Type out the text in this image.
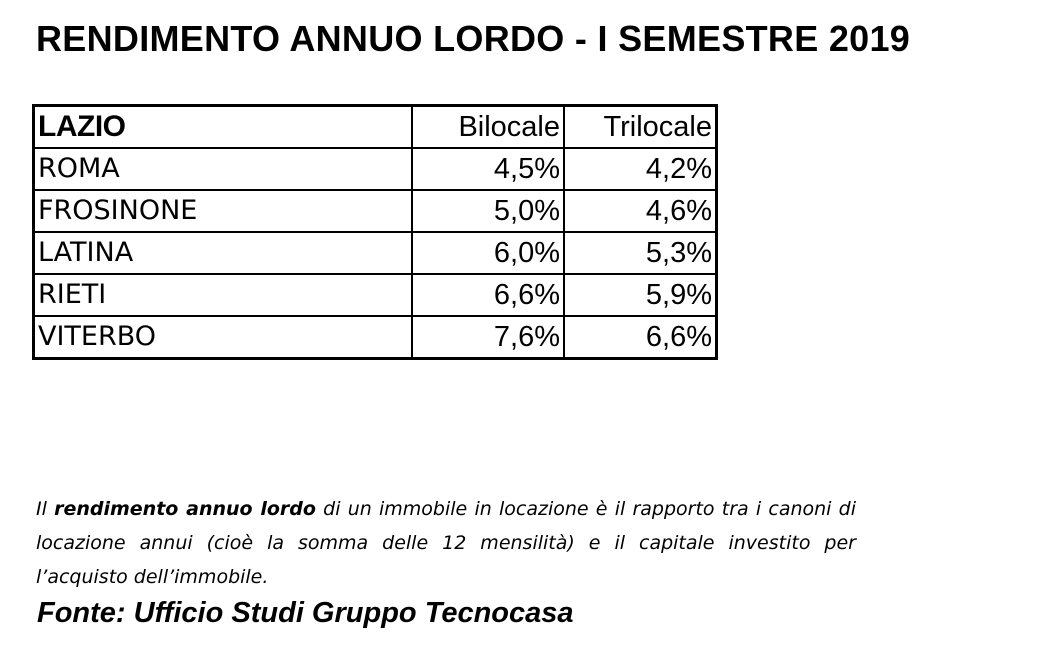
RENDIMENTO ANNUO LORDO - I SEMESTRE 2019
LAZIO	Bilocale	Trilocale
ROMA	4,5%	4,2%
FROSINONE	5,0%	4,6%
LATINA	6,0%	5,3%
RIETI	6,6%	5,9%
VITERBO	7,6%	6,6%
Il rendimento annuo lordo di un immobile in locazione è il rapporto tra i canoni di locazione annui (cioè la somma delle 12 mensilità) e il capitale investito per l’acquisto dell’immobile.
Fonte: Ufficio Studi Gruppo Tecnocasa
